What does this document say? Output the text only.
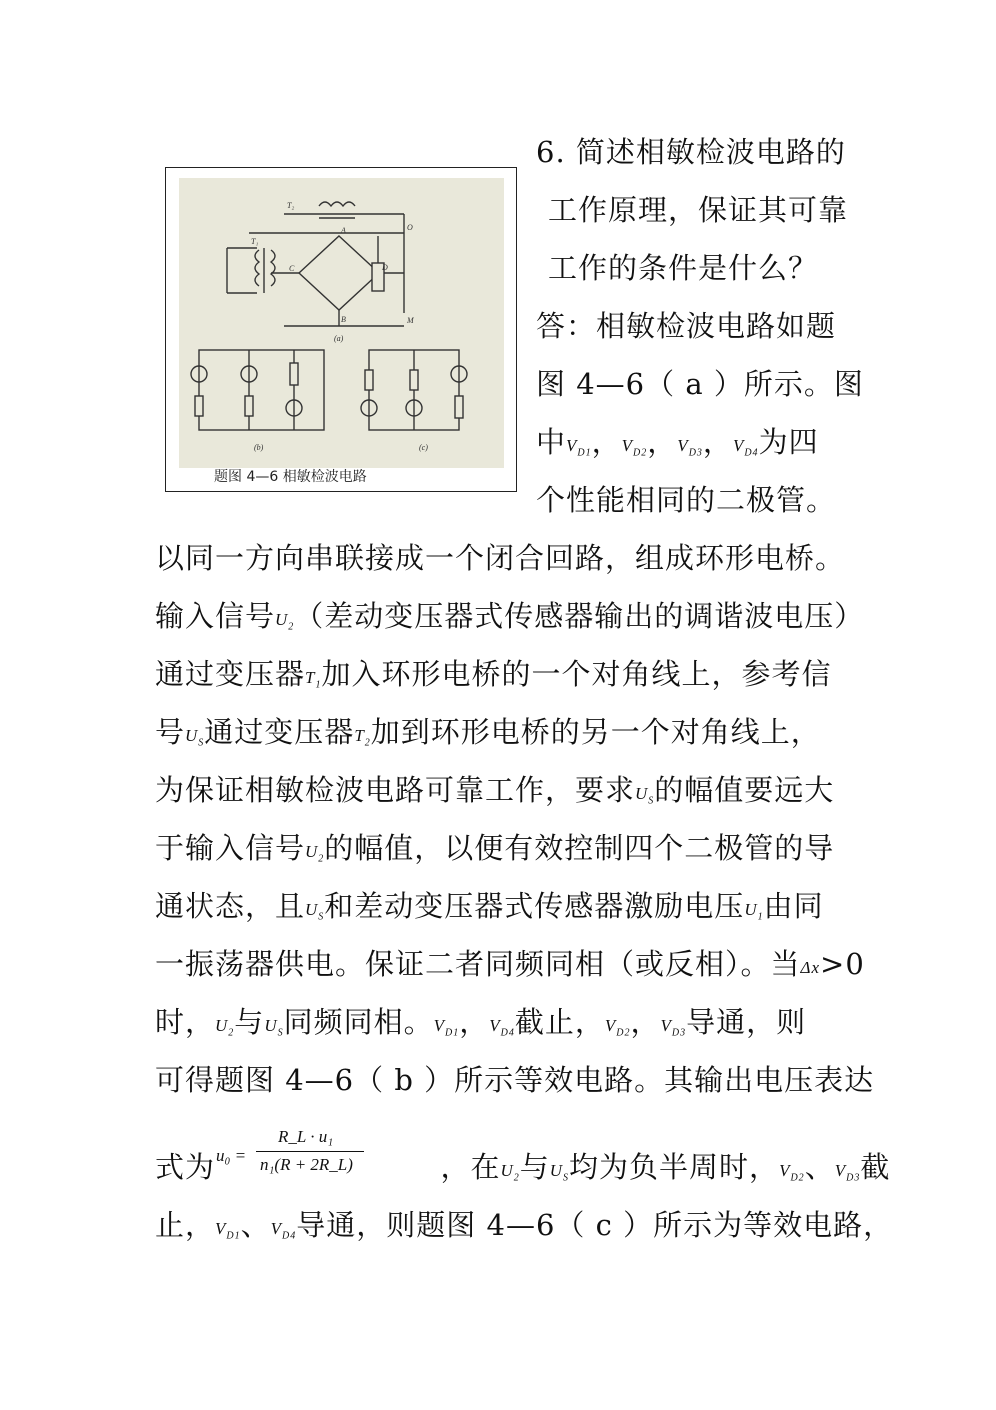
(a)
(b)	(c)
T₂
T₁
A
B
C	D
O
M
题图 4—6 相敏检波电路
6. 简述相敏检波电路的
工作原理，保证其可靠
工作的条件是什么？
答：相敏检波电路如题
图 4—6（ a ）所示。图
中$V_{D1}$，$V_{D2}$，$V_{D3}$，$V_{D4}$为四
个性能相同的二极管。
以同一方向串联接成一个闭合回路，组成环形电桥。
输入信号$U_2$（差动变压器式传感器输出的调谐波电压）
通过变压器$T_1$加入环形电桥的一个对角线上，参考信
号$U_S$通过变压器$T_2$加到环形电桥的另一个对角线上，
为保证相敏检波电路可靠工作，要求$U_S$的幅值要远大
于输入信号$U_2$的幅值，以便有效控制四个二极管的导
通状态，且$U_S$和差动变压器式传感器激励电压$U_1$由同
一振荡器供电。保证二者同频同相（或反相）。当Δx>0
时，$U_2$与$U_S$同频同相。$V_{D1}$，$V_{D4}$截止，$V_{D2}$，$V_{D3}$导通，则
可得题图 4—6（ b ）所示等效电路。其输出电压表达
式为	，在$U_2$与$U_S$均为负半周时，$V_{D2}$、$V_{D3}$截
u₀ =
R_L · u₁
n₁(R + 2R_L)
止，$V_{D1}$、$V_{D4}$导通，则题图 4—6（ c ）所示为等效电路，
